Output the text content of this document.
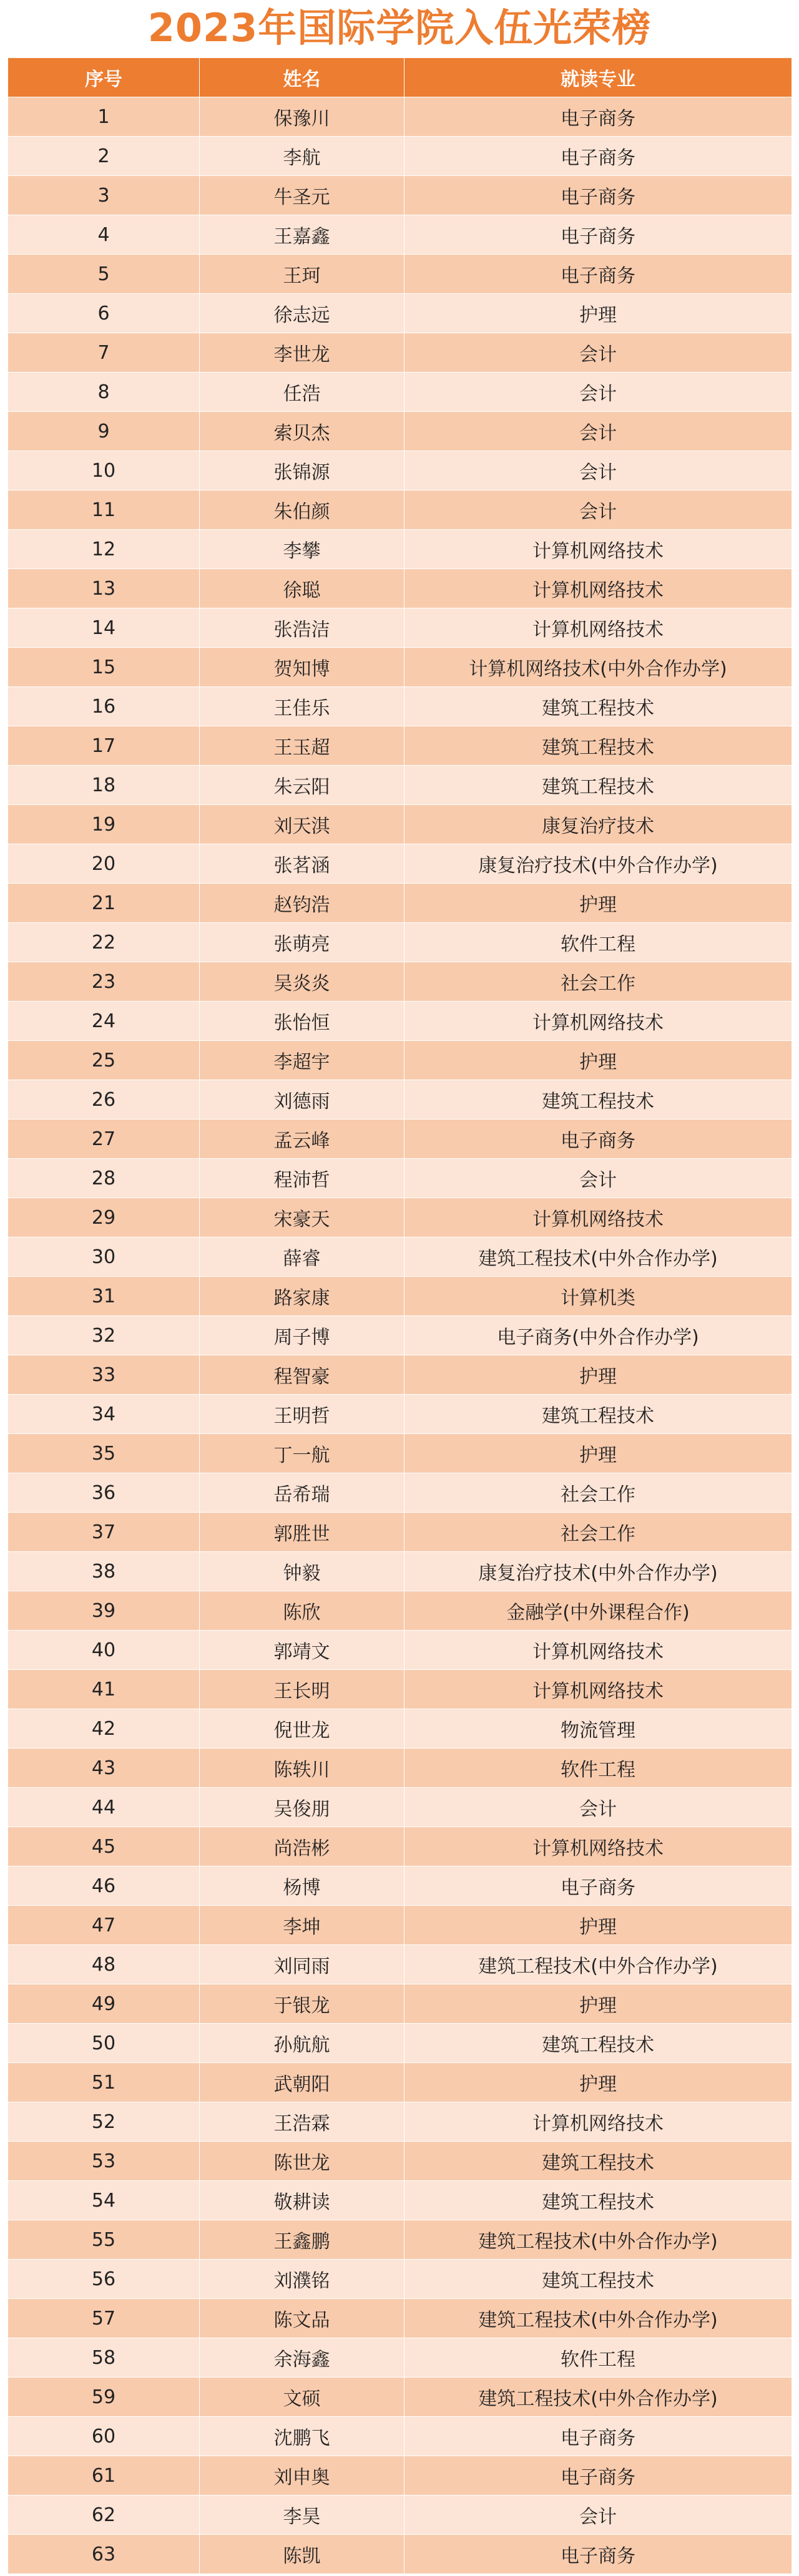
2023年国际学院入伍光荣榜
序号	姓名	就读专业
1	保豫川	电子商务
2	李航	电子商务
3	牛圣元	电子商务
4	王嘉鑫	电子商务
5	王珂	电子商务
6	徐志远	护理
7	李世龙	会计
8	任浩	会计
9	索贝杰	会计
10	张锦源	会计
11	朱伯颜	会计
12	李攀	计算机网络技术
13	徐聪	计算机网络技术
14	张浩洁	计算机网络技术
15	贺知博	计算机网络技术(中外合作办学)
16	王佳乐	建筑工程技术
17	王玉超	建筑工程技术
18	朱云阳	建筑工程技术
19	刘天淇	康复治疗技术
20	张茗涵	康复治疗技术(中外合作办学)
21	赵钧浩	护理
22	张萌亮	软件工程
23	吴炎炎	社会工作
24	张怡恒	计算机网络技术
25	李超宇	护理
26	刘德雨	建筑工程技术
27	孟云峰	电子商务
28	程沛哲	会计
29	宋豪天	计算机网络技术
30	薛睿	建筑工程技术(中外合作办学)
31	路家康	计算机类
32	周子博	电子商务(中外合作办学)
33	程智豪	护理
34	王明哲	建筑工程技术
35	丁一航	护理
36	岳希瑞	社会工作
37	郭胜世	社会工作
38	钟毅	康复治疗技术(中外合作办学)
39	陈欣	金融学(中外课程合作)
40	郭靖文	计算机网络技术
41	王长明	计算机网络技术
42	倪世龙	物流管理
43	陈轶川	软件工程
44	吴俊朋	会计
45	尚浩彬	计算机网络技术
46	杨博	电子商务
47	李坤	护理
48	刘同雨	建筑工程技术(中外合作办学)
49	于银龙	护理
50	孙航航	建筑工程技术
51	武朝阳	护理
52	王浩霖	计算机网络技术
53	陈世龙	建筑工程技术
54	敬耕读	建筑工程技术
55	王鑫鹏	建筑工程技术(中外合作办学)
56	刘濮铭	建筑工程技术
57	陈文品	建筑工程技术(中外合作办学)
58	余海鑫	软件工程
59	文硕	建筑工程技术(中外合作办学)
60	沈鹏飞	电子商务
61	刘申奥	电子商务
62	李昊	会计
63	陈凯	电子商务
